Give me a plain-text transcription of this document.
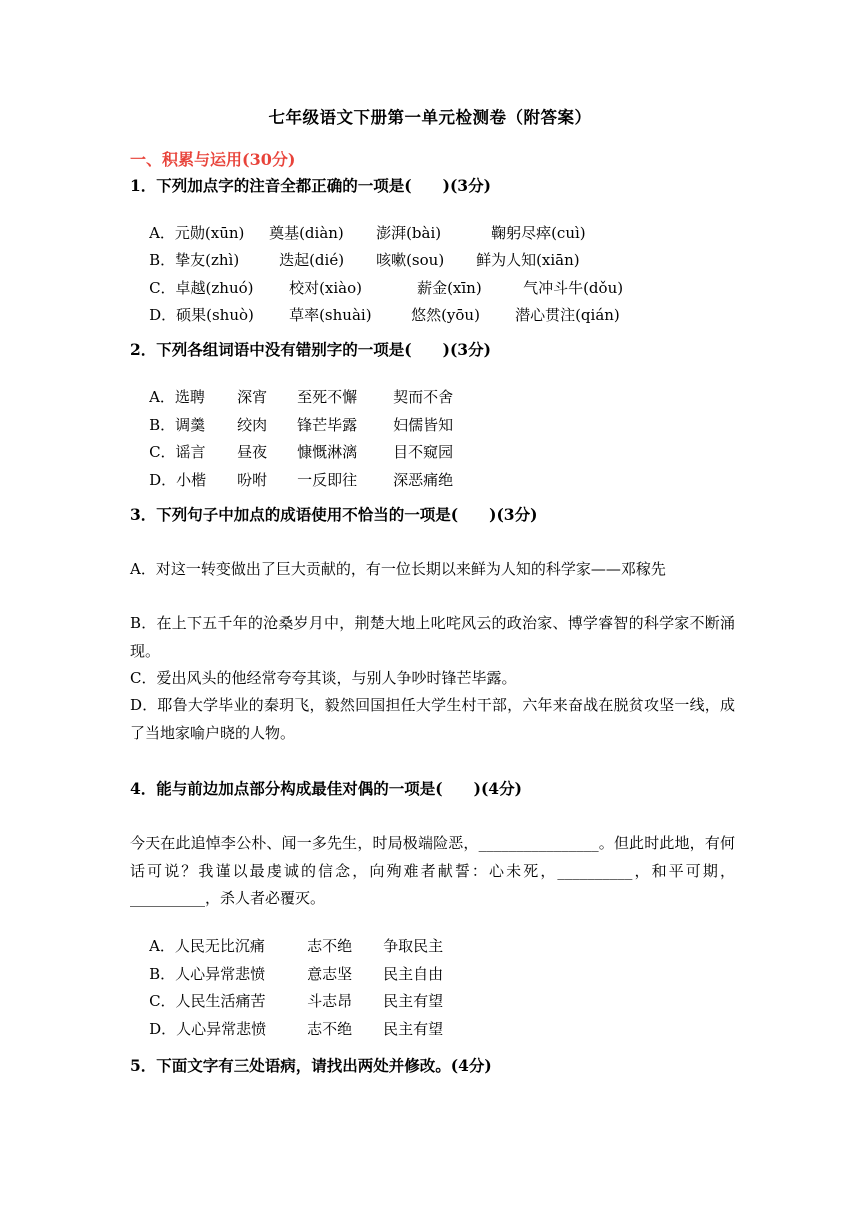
七年级语文下册第一单元检测卷（附答案）
一、积累与运用(30分)
1．下列加点字的注音全都正确的一项是(　　)(3分)

A．元勋(xūn) 奠基(diàn) 澎湃(bài)	鞠躬尽瘁(cuì)

B．挚友(zhì)	迭起(dié) 咳嗽(sou) 鲜为人知(xiān)

C．卓越(zhuó) 校对(xiào)	薪金(xīn)	气冲斗牛(dǒu)

D．硕果(shuò) 草率(shuài)	悠然(yōu) 潜心贯注(qián)

2．下列各组词语中没有错别字的一项是(　　)(3分)

A．选聘 深宵 至死不懈 契而不舍

B．调羹 绞肉 锋芒毕露 妇儒皆知

C．谣言 昼夜 慷慨淋漓 目不窥园

D．小楷 吩咐 一反即往 深恶痛绝

3．下列句子中加点的成语使用不恰当的一项是(　　)(3分)
A．对这一转变做出了巨大贡献的，有一位长期以来鲜为人知的科学家——邓稼先
B．在上下五千年的沧桑岁月中，荆楚大地上叱咤风云的政治家、博学睿智的科学家不断涌现。
C．爱出风头的他经常夸夸其谈，与别人争吵时锋芒毕露。
D．耶鲁大学毕业的秦玥飞，毅然回国担任大学生村干部，六年来奋战在脱贫攻坚一线，成了当地家喻户晓的人物。
4．能与前边加点部分构成最佳对偶的一项是(　　)(4分)
今天在此追悼李公朴、闻一多先生，时局极端险恶，________________。但此时此地，有何话可说？我谨以最虔诚的信念，向殉难者献誓：心未死，__________，和平可期，__________，杀人者必覆灭。

A．人民无比沉痛	志不绝 争取民主

B．人心异常悲愤	意志坚 民主自由

C．人民生活痛苦	斗志昂 民主有望

D．人心异常悲愤	志不绝 民主有望

5．下面文字有三处语病，请找出两处并修改。(4分)
